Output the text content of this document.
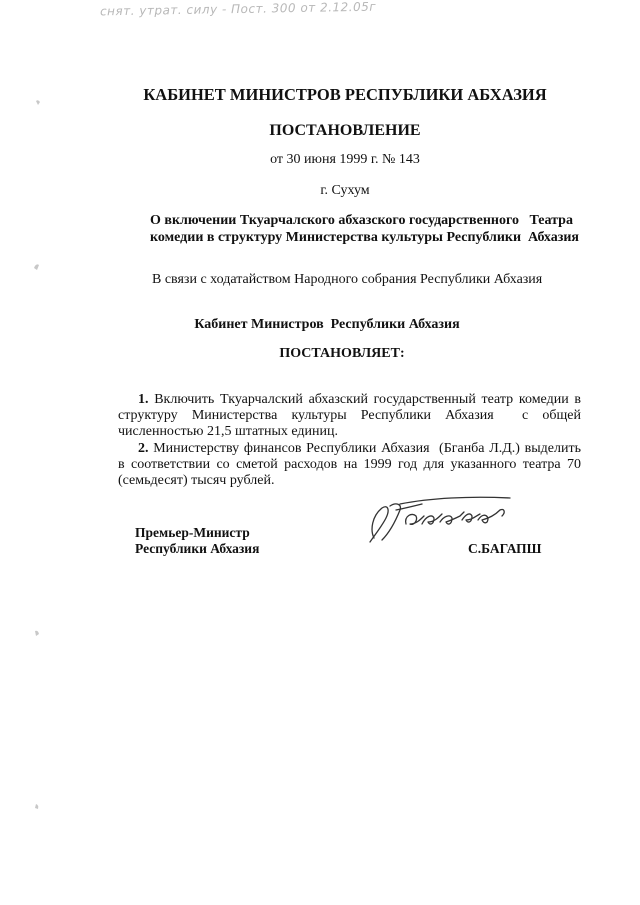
снят. утрат. силу - Пост. 300 от 2.12.05г
КАБИНЕТ МИНИСТРОВ РЕСПУБЛИКИ АБХАЗИЯ
ПОСТАНОВЛЕНИЕ
от 30 июня 1999 г. № 143
г. Сухум
О включении Ткуарчалского абхазского государственного   Театра
комедии в структуру Министерства культуры Республики  Абхазия
В связи с ходатайством Народного собрания Республики Абхазия
Кабинет Министров  Республики Абхазия
ПОСТАНОВЛЯЕТ:

1. Включить Ткуарчалский абхазский государственный театр комедии в структуру Министерства культуры Республики Абхазия  с общей численностью 21,5 штатных единиц.

2. Министерству финансов Республики Абхазия  (Бганба Л.Д.) выделить в соответствии со сметой расходов на 1999 год для указанного театра 70 (семьдесят) тысяч рублей.

Премьер-Министр
Республики Абхазия	С.БАГАПШ
